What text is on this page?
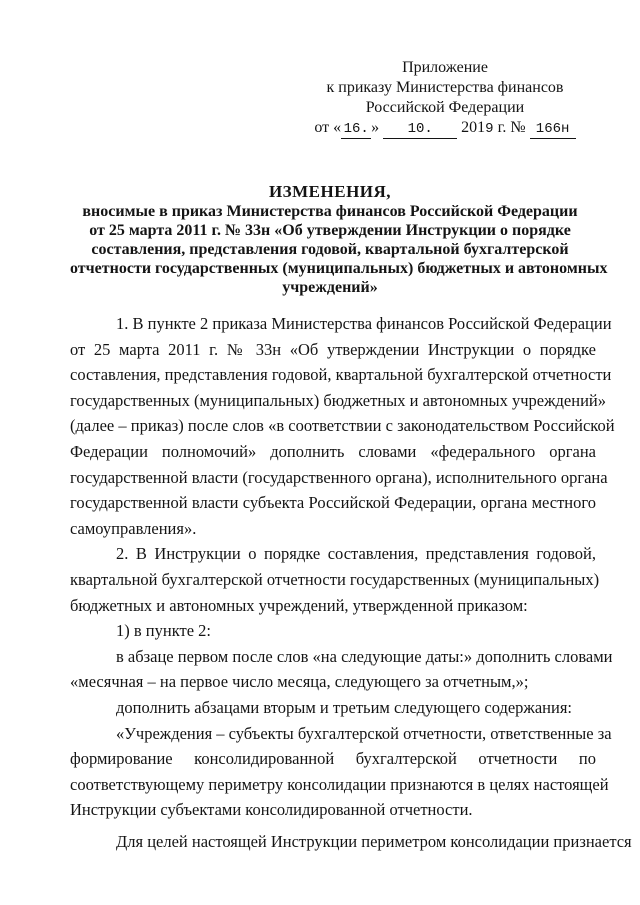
Приложение
к приказу Министерства финансов
Российской Федерации
от « 16. » 10. 2019 г. № 166н
ИЗМЕНЕНИЯ,
вносимые в приказ Министерства финансов Российской Федерации
от 25 марта 2011 г. № 33н «Об утверждении Инструкции о порядке
составления, представления годовой, квартальной бухгалтерской
отчетности государственных (муниципальных) бюджетных и автономных
учреждений»
1. В пункте 2 приказа Министерства финансов Российской Федерации
от 25 марта 2011 г. № 33н «Об утверждении Инструкции о порядке
составления, представления годовой, квартальной бухгалтерской отчетности
государственных (муниципальных) бюджетных и автономных учреждений»
(далее – приказ) после слов «в соответствии с законодательством Российской
Федерации полномочий» дополнить словами «федерального органа
государственной власти (государственного органа), исполнительного органа
государственной власти субъекта Российской Федерации, органа местного
самоуправления».
2. В Инструкции о порядке составления, представления годовой,
квартальной бухгалтерской отчетности государственных (муниципальных)
бюджетных и автономных учреждений, утвержденной приказом:
1) в пункте 2:
в абзаце первом после слов «на следующие даты:» дополнить словами
«месячная – на первое число месяца, следующего за отчетным,»;
дополнить абзацами вторым и третьим следующего содержания:
«Учреждения – субъекты бухгалтерской отчетности, ответственные за
формирование консолидированной бухгалтерской отчетности по
соответствующему периметру консолидации признаются в целях настоящей
Инструкции субъектами консолидированной отчетности.
Для целей настоящей Инструкции периметром консолидации признается
